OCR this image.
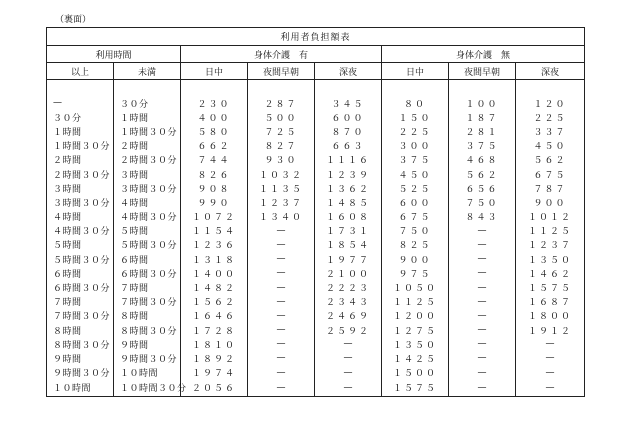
（裏面）
利用者負担額表							
利用時間		身体介護　有			身体介護　無		
以上	未満	日中	夜間早朝	深夜	日中	夜間早朝	深夜

—	３０分	２３０	２８７	３４５	８０	１００	１２０
３０分	１時間	４００	５００	６００	１５０	１８７	２２５
１時間	１時間３０分	５８０	７２５	８７０	２２５	２８１	３３７
１時間３０分	２時間	６６２	８２７	６６３	３００	３７５	４５０
２時間	２時間３０分	７４４	９３０	１１１６	３７５	４６８	５６２
２時間３０分	３時間	８２６	１０３２	１２３９	４５０	５６２	６７５
３時間	３時間３０分	９０８	１１３５	１３６２	５２５	６５６	７８７
３時間３０分	４時間	９９０	１２３７	１４８５	６００	７５０	９００
４時間	４時間３０分	１０７２	１３４０	１６０８	６７５	８４３	１０１２
４時間３０分	５時間	１１５４	—	１７３１	７５０	—	１１２５
５時間	５時間３０分	１２３６	—	１８５４	８２５	—	１２３７
５時間３０分	６時間	１３１８	—	１９７７	９００	—	１３５０
６時間	６時間３０分	１４００	—	２１００	９７５	—	１４６２
６時間３０分	７時間	１４８２	—	２２２３	１０５０	—	１５７５
７時間	７時間３０分	１５６２	—	２３４３	１１２５	—	１６８７
７時間３０分	８時間	１６４６	—	２４６９	１２００	—	１８００
８時間	８時間３０分	１７２８	—	２５９２	１２７５	—	１９１２
８時間３０分	９時間	１８１０	—	—	１３５０	—	—
９時間	９時間３０分	１８９２	—	—	１４２５	—	—
９時間３０分	１０時間	１９７４	—	—	１５００	—	—
１０時間	１０時間３０分	２０５６	—	—	１５７５	—	—
